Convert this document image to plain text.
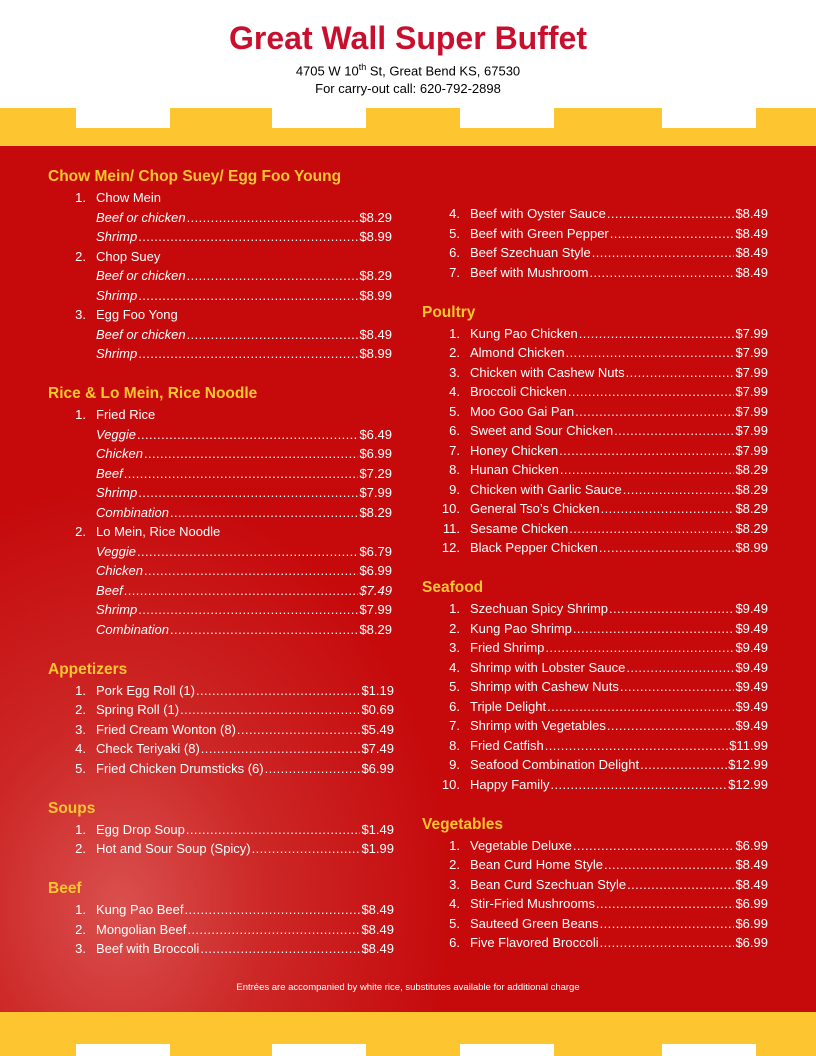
Great Wall Super Buffet
4705 W 10th St, Great Bend KS, 67530
For carry-out call: 620-792-2898
Chow Mein/ Chop Suey/ Egg Foo Young
1. Chow Mein
Beef or chicken .....	$8.29
Shrimp .....	$8.99
2. Chop Suey
Beef or chicken .....	$8.29
Shrimp .....	$8.99
3. Egg Foo Yong
Beef or chicken .....	$8.49
Shrimp .....	$8.99
Rice & Lo Mein, Rice Noodle
1. Fried Rice
Veggie .....	$6.49
Chicken .....	$6.99
Beef .....	$7.29
Shrimp .....	$7.99
Combination .....	$8.29
2. Lo Mein, Rice Noodle
Veggie .....	$6.79
Chicken .....	$6.99
Beef .....	$7.49
Shrimp .....	$7.99
Combination .....	$8.29
Appetizers
1. Pork Egg Roll (1) .....	$1.19
2. Spring Roll (1) .....	$0.69
3. Fried Cream Wonton (8) .....	$5.49
4. Check Teriyaki (8) .....	$7.49
5. Fried Chicken Drumsticks (6) .....	$6.99
Soups
1. Egg Drop Soup .....	$1.49
2. Hot and Sour Soup (Spicy) .....	$1.99
Beef
1. Kung Pao Beef .....	$8.49
2. Mongolian Beef .....	$8.49
3. Beef with Broccoli .....	$8.49
4. Beef with Oyster Sauce .....	$8.49
5. Beef with Green Pepper .....	$8.49
6. Beef Szechuan Style .....	$8.49
7. Beef with Mushroom .....	$8.49
Poultry
1. Kung Pao Chicken .....	$7.99
2. Almond Chicken .....	$7.99
3. Chicken with Cashew Nuts .....	$7.99
4. Broccoli Chicken .....	$7.99
5. Moo Goo Gai Pan .....	$7.99
6. Sweet and Sour Chicken .....	$7.99
7. Honey Chicken .....	$7.99
8. Hunan Chicken .....	$8.29
9. Chicken with Garlic Sauce .....	$8.29
10. General Tso’s Chicken .....	$8.29
11. Sesame Chicken .....	$8.29
12. Black Pepper Chicken .....	$8.99
Seafood
1. Szechuan Spicy Shrimp .....	$9.49
2. Kung Pao Shrimp .....	$9.49
3. Fried Shrimp .....	$9.49
4. Shrimp with Lobster Sauce .....	$9.49
5. Shrimp with Cashew Nuts .....	$9.49
6. Triple Delight .....	$9.49
7. Shrimp with Vegetables .....	$9.49
8. Fried Catfish .....	$11.99
9. Seafood Combination Delight .....	$12.99
10. Happy Family .....	$12.99
Vegetables
1. Vegetable Deluxe .....	$6.99
2. Bean Curd Home Style .....	$8.49
3. Bean Curd Szechuan Style .....	$8.49
4. Stir-Fried Mushrooms .....	$6.99
5. Sauteed Green Beans .....	$6.99
6. Five Flavored Broccoli .....	$6.99
Entrées are accompanied by white rice, substitutes available for additional charge
